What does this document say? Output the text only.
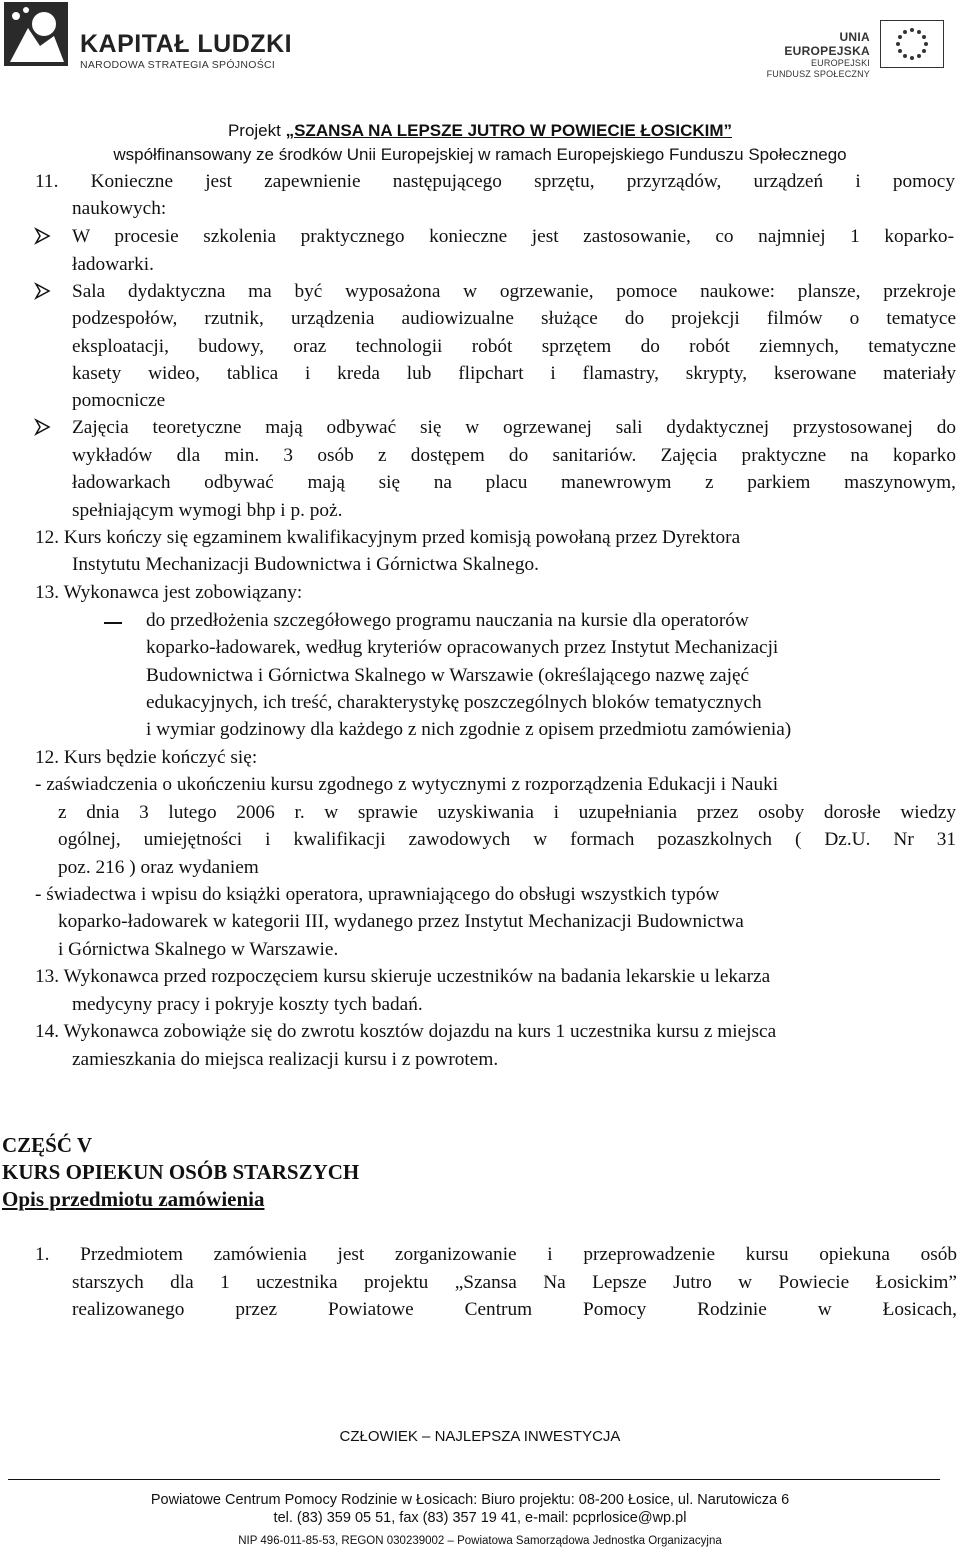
KAPITAŁ LUDZKI
NARODOWA STRATEGIA SPÓJNOŚCI
UNIA EUROPEJSKA
EUROPEJSKI
FUNDUSZ SPOŁECZNY
Projekt „SZANSA NA LEPSZE JUTRO W POWIECIE ŁOSICKIM”
współfinansowany ze środków Unii Europejskiej w ramach Europejskiego Funduszu Społecznego
11. Konieczne jest zapewnienie następującego sprzętu, przyrządów, urządzeń i pomocy
naukowych:
W procesie szkolenia praktycznego konieczne jest zastosowanie, co najmniej 1 koparko-
ładowarki.
Sala dydaktyczna ma być wyposażona w ogrzewanie, pomoce naukowe: plansze, przekroje
podzespołów, rzutnik, urządzenia audiowizualne służące do projekcji filmów o tematyce
eksploatacji, budowy, oraz technologii robót sprzętem do robót ziemnych, tematyczne
kasety wideo, tablica i kreda lub flipchart i flamastry, skrypty, kserowane materiały
pomocnicze
Zajęcia teoretyczne mają odbywać się w ogrzewanej sali dydaktycznej przystosowanej do
wykładów dla min. 3 osób z dostępem do sanitariów. Zajęcia praktyczne na koparko
ładowarkach odbywać mają się na placu manewrowym z parkiem maszynowym,
spełniającym wymogi bhp i p. poż.
12. Kurs kończy się egzaminem kwalifikacyjnym przed komisją powołaną przez Dyrektora
Instytutu Mechanizacji Budownictwa i Górnictwa Skalnego.
13. Wykonawca jest zobowiązany:
do przedłożenia szczegółowego programu nauczania na kursie dla operatorów
koparko-ładowarek, według kryteriów opracowanych przez Instytut Mechanizacji
Budownictwa i Górnictwa Skalnego w Warszawie (określającego nazwę zajęć
edukacyjnych, ich treść, charakterystykę poszczególnych bloków tematycznych
i wymiar godzinowy dla każdego z nich zgodnie z opisem przedmiotu zamówienia)
12. Kurs będzie kończyć się:
- zaświadczenia o ukończeniu kursu zgodnego z wytycznymi z rozporządzenia Edukacji i Nauki
z dnia 3 lutego 2006 r. w sprawie uzyskiwania i uzupełniania przez osoby dorosłe wiedzy
ogólnej, umiejętności i kwalifikacji zawodowych w formach pozaszkolnych ( Dz.U. Nr 31
poz. 216 ) oraz wydaniem
- świadectwa i wpisu do książki operatora, uprawniającego do obsługi wszystkich typów
koparko-ładowarek w kategorii III, wydanego przez Instytut Mechanizacji Budownictwa
i Górnictwa Skalnego w Warszawie.
13. Wykonawca przed rozpoczęciem kursu skieruje uczestników na badania lekarskie u lekarza
medycyny pracy i pokryje koszty tych badań.
14. Wykonawca zobowiąże się do zwrotu kosztów dojazdu na kurs 1 uczestnika kursu z miejsca
zamieszkania do miejsca realizacji kursu i z powrotem.
CZĘŚĆ V
KURS OPIEKUN OSÓB STARSZYCH
Opis przedmiotu zamówienia
1. Przedmiotem zamówienia jest zorganizowanie i przeprowadzenie kursu opiekuna osób
starszych dla 1 uczestnika projektu „Szansa Na Lepsze Jutro w Powiecie Łosickim”
realizowanego przez Powiatowe Centrum Pomocy Rodzinie w Łosicach,
CZŁOWIEK – NAJLEPSZA INWESTYCJA
Powiatowe Centrum Pomocy Rodzinie w Łosicach: Biuro projektu: 08-200 Łosice, ul. Narutowicza 6
tel. (83) 359 05 51, fax (83) 357 19 41, e-mail: pcprlosice@wp.pl
NIP 496-011-85-53, REGON 030239002 – Powiatowa Samorządowa Jednostka Organizacyjna
